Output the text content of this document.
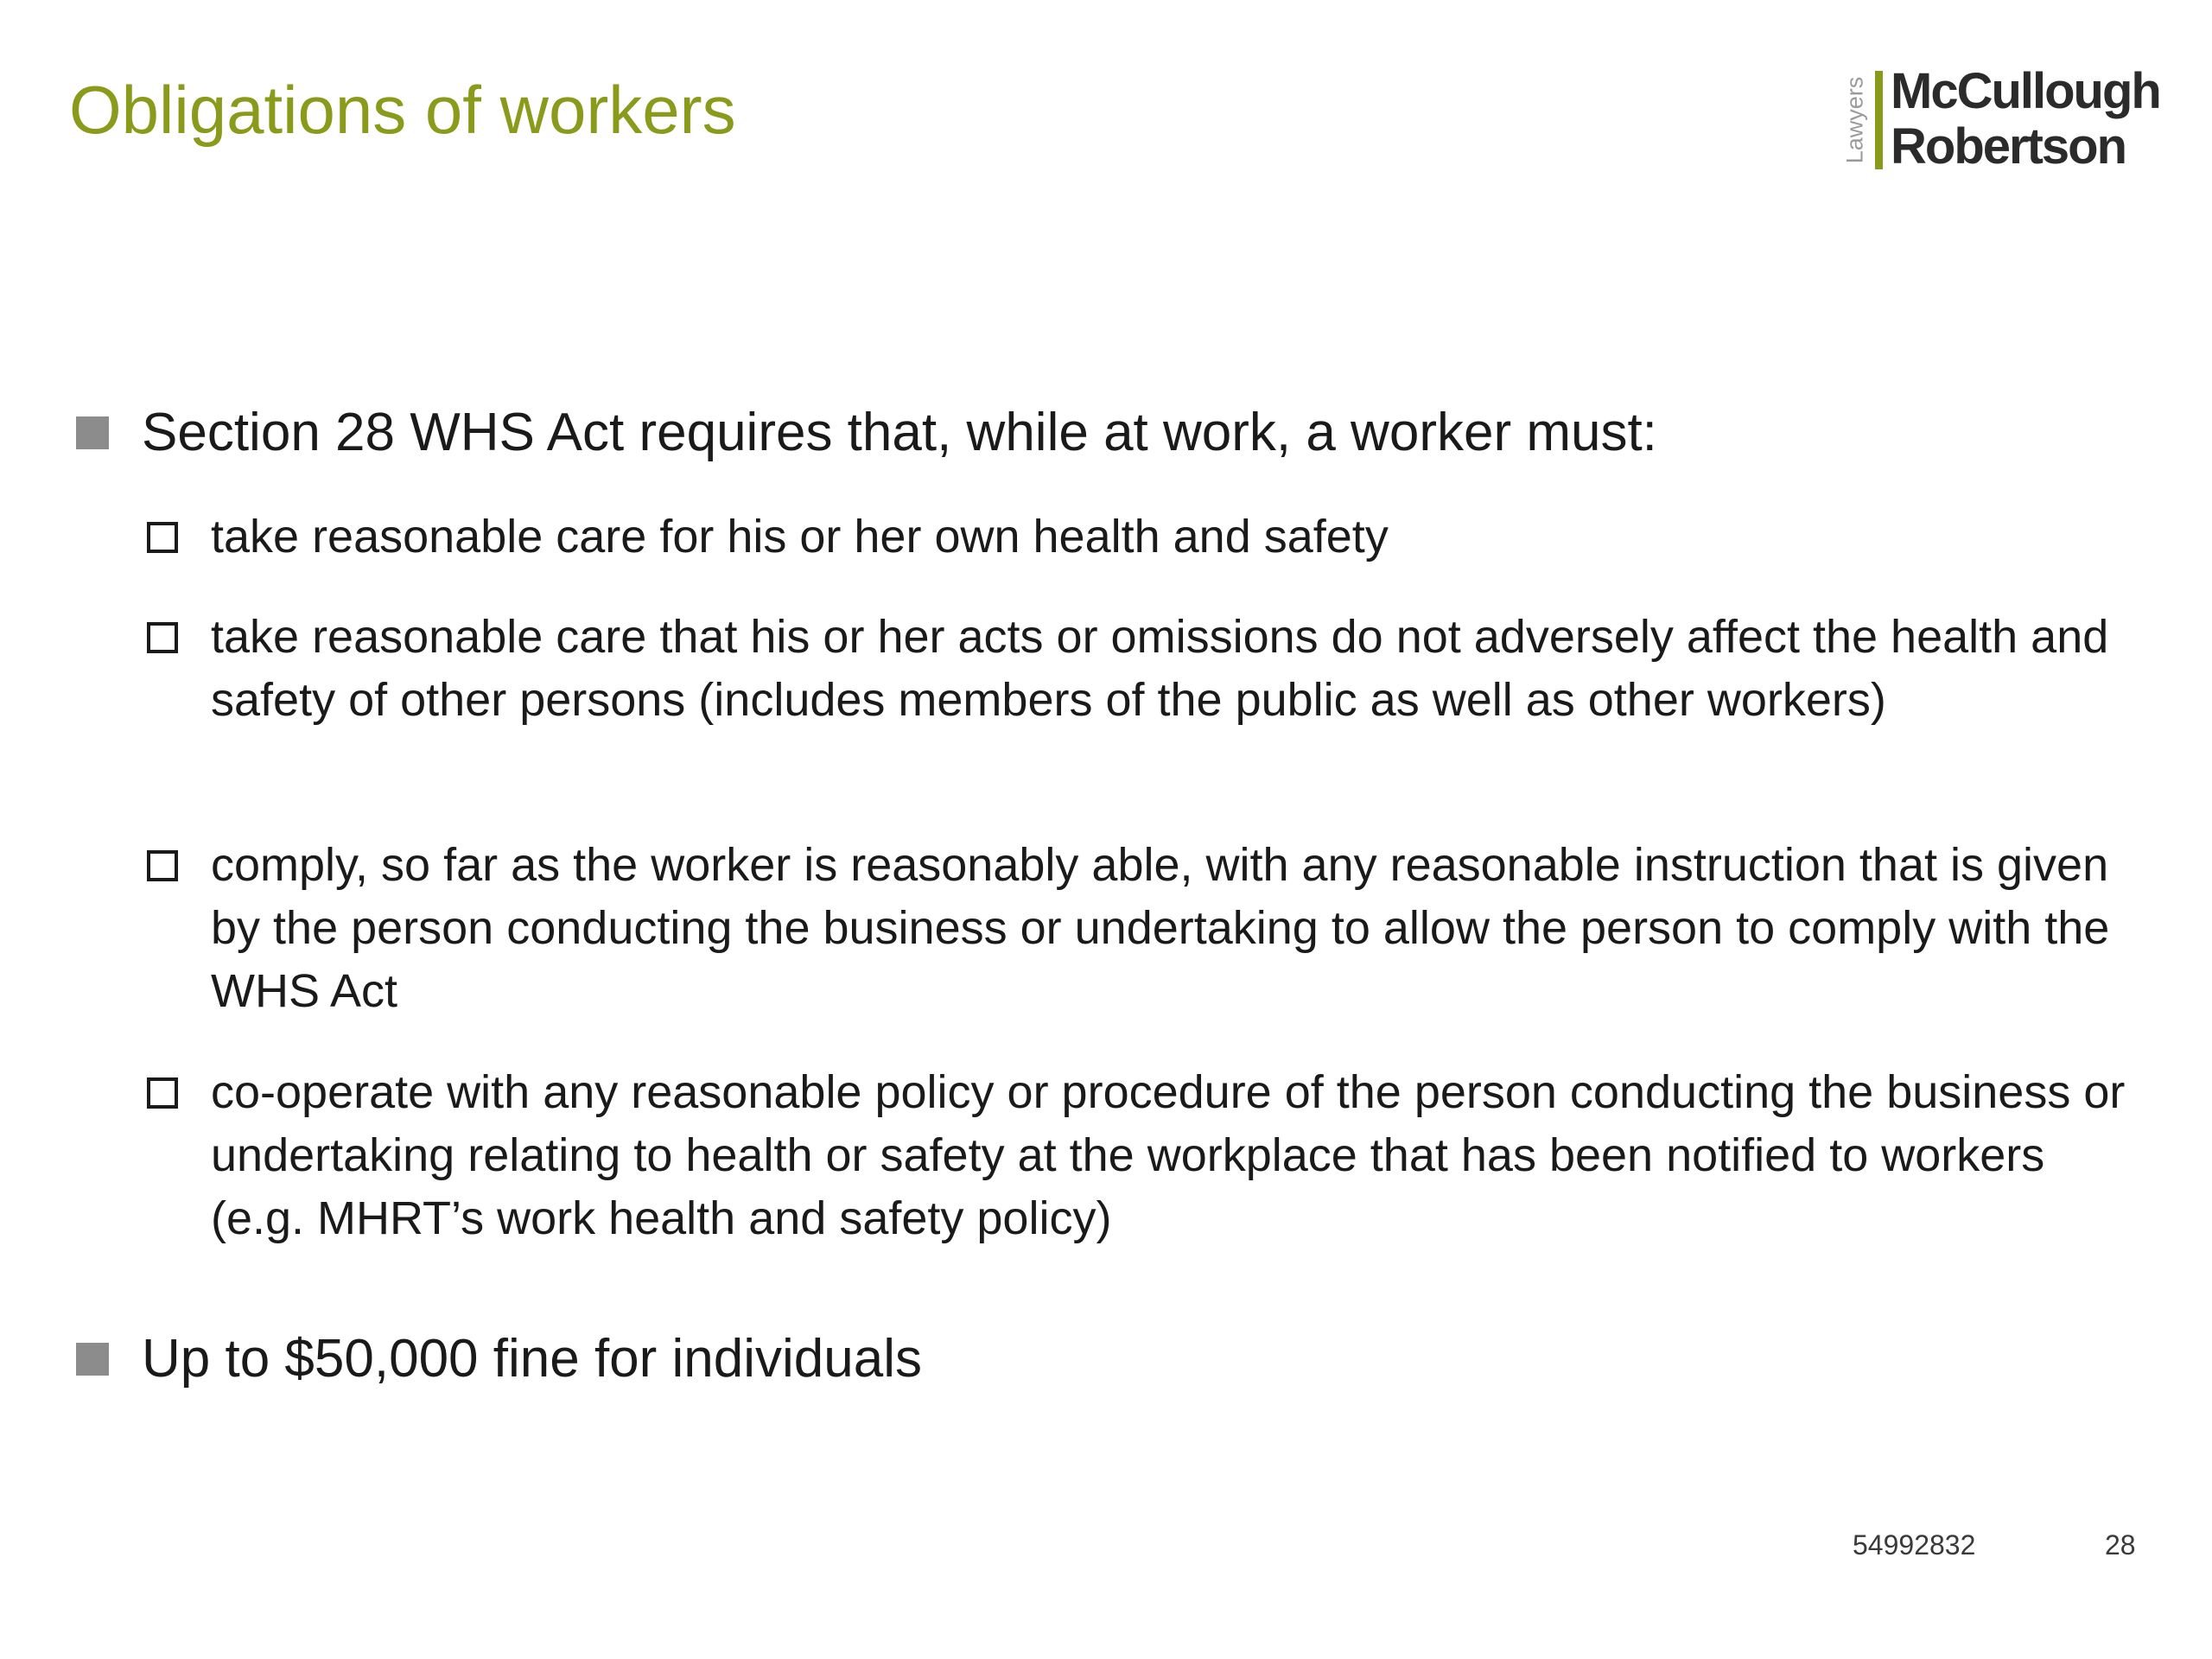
Obligations of workers	Lawyers McCullough
Robertson
Section 28 WHS Act requires that, while at work, a worker must:

take reasonable care for his or her own health and safety

take reasonable care that his or her acts or omissions do not adversely affect the health and safety of other persons (includes members of the public as well as other workers)

comply, so far as the worker is reasonably able, with any reasonable instruction that is given by the person conducting the business or undertaking to allow the person to comply with the WHS Act

co-operate with any reasonable policy or procedure of the person conducting the business or undertaking relating to health or safety at the workplace that has been notified to workers (e.g. MHRT’s work health and safety policy)

Up to $50,000 fine for individuals
54992832	28
